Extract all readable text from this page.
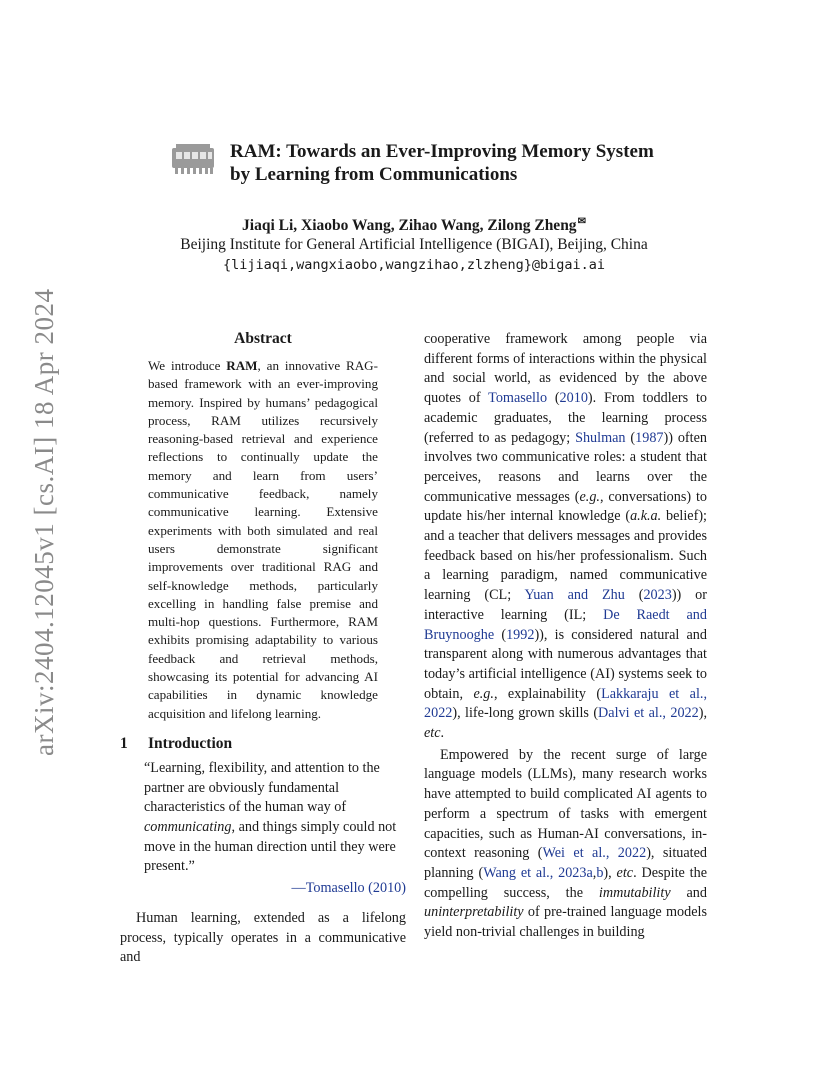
arXiv:2404.12045v1 [cs.AI] 18 Apr 2024
RAM: Towards an Ever-Improving Memory System
by Learning from Communications
Jiaqi Li, Xiaobo Wang, Zihao Wang, Zilong Zheng✉
Beijing Institute for General Artificial Intelligence (BIGAI), Beijing, China
{lijiaqi,wangxiaobo,wangzihao,zlzheng}@bigai.ai
Abstract

We introduce RAM, an innovative RAG-based framework with an ever-improving memory. Inspired by humans’ pedagogical process, RAM utilizes recursively reasoning-based retrieval and experience reflections to continually update the memory and learn from users’ communicative feedback, namely communicative learning. Extensive experiments with both simulated and real users demonstrate significant improvements over traditional RAG and self-knowledge methods, particularly excelling in handling false premise and multi-hop questions. Furthermore, RAM exhibits promising adaptability to various feedback and retrieval methods, showcasing its potential for advancing AI capabilities in dynamic knowledge acquisition and lifelong learning.

1	Introduction

“Learning, flexibility, and attention to the partner are obviously fundamental characteristics of the human way of communicating, and things simply could not move in the human direction until they were present.”

—Tomasello (2010)

Human learning, extended as a lifelong process, typically operates in a communicative and

cooperative framework among people via different forms of interactions within the physical and social world, as evidenced by the above quotes of Tomasello (2010). From toddlers to academic graduates, the learning process (referred to as pedagogy; Shulman (1987)) often involves two communicative roles: a student that perceives, reasons and learns over the communicative messages (e.g., conversations) to update his/her internal knowledge (a.k.a. belief); and a teacher that delivers messages and provides feedback based on his/her professionalism. Such a learning paradigm, named communicative learning (CL; Yuan and Zhu (2023)) or interactive learning (IL; De Raedt and Bruynooghe (1992)), is considered natural and transparent along with numerous advantages that today’s artificial intelligence (AI) systems seek to obtain, e.g., explainability (Lakkaraju et al., 2022), life-long grown skills (Dalvi et al., 2022), etc.

Empowered by the recent surge of large language models (LLMs), many research works have attempted to build complicated AI agents to perform a spectrum of tasks with emergent capacities, such as Human-AI conversations, in-context reasoning (Wei et al., 2022), situated planning (Wang et al., 2023a,b), etc. Despite the compelling success, the immutability and uninterpretability of pre-trained language models yield non-trivial challenges in building
